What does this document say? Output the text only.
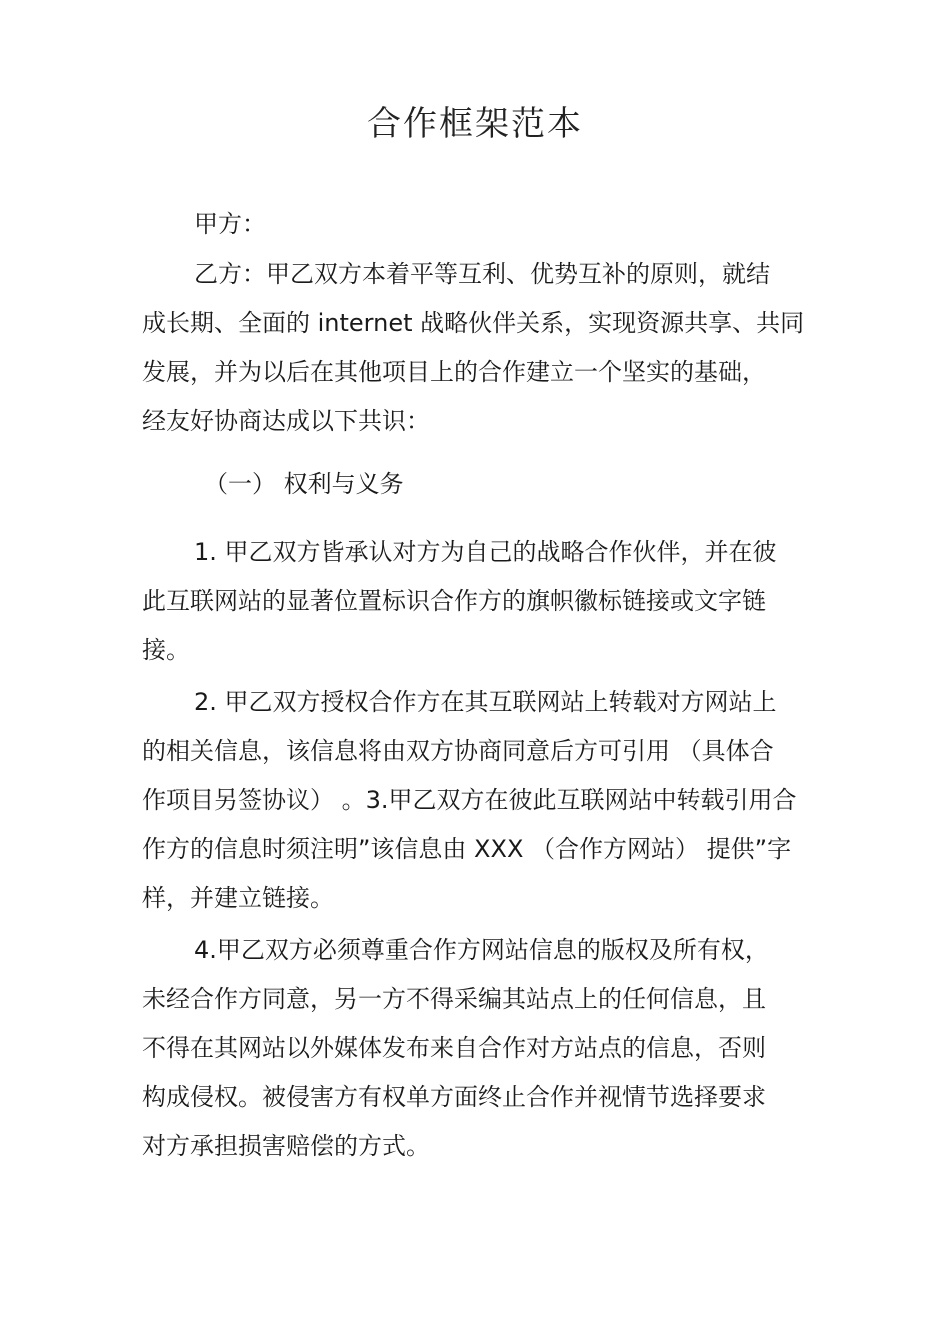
合作框架范本
甲方：
乙方：甲乙双方本着平等互利、优势互补的原则，就结
成长期、全面的 internet 战略伙伴关系，实现资源共享、共同
发展，并为以后在其他项目上的合作建立一个坚实的基础，
经友好协商达成以下共识：
（一） 权利与义务
1. 甲乙双方皆承认对方为自己的战略合作伙伴，并在彼
此互联网站的显著位置标识合作方的旗帜徽标链接或文字链
接。
2. 甲乙双方授权合作方在其互联网站上转载对方网站上
的相关信息，该信息将由双方协商同意后方可引用 （具体合
作项目另签协议） 。3.甲乙双方在彼此互联网站中转载引用合
作方的信息时须注明”该信息由 XXX （合作方网站） 提供”字
样，并建立链接。
4.甲乙双方必须尊重合作方网站信息的版权及所有权，
未经合作方同意，另一方不得采编其站点上的任何信息，且
不得在其网站以外媒体发布来自合作对方站点的信息，否则
构成侵权。被侵害方有权单方面终止合作并视情节选择要求
对方承担损害赔偿的方式。
